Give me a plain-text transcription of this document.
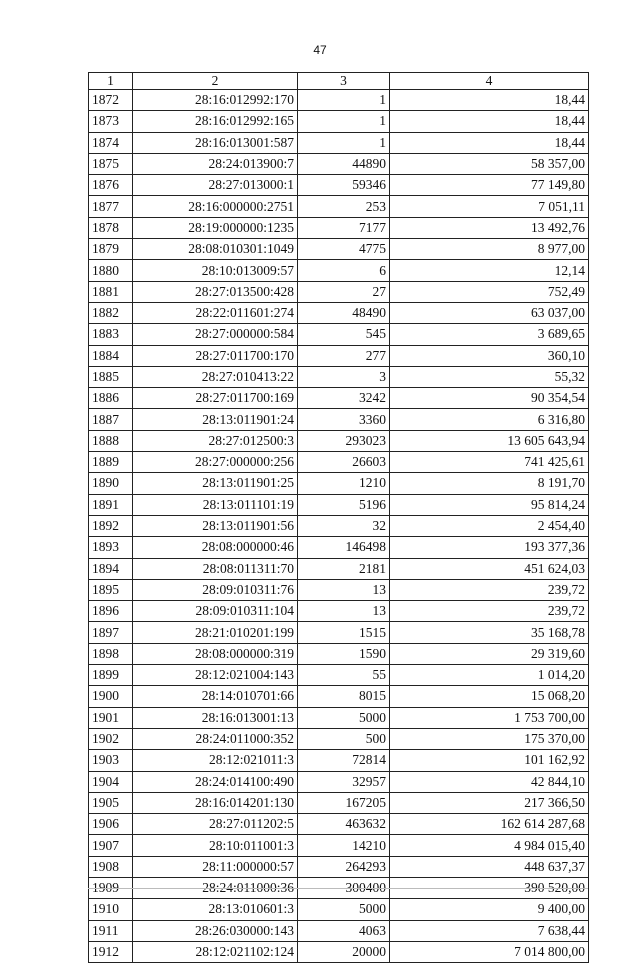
47
1	2	3	4
1872	28:16:012992:170	1	18,44
1873	28:16:012992:165	1	18,44
1874	28:16:013001:587	1	18,44
1875	28:24:013900:7	44890	58 357,00
1876	28:27:013000:1	59346	77 149,80
1877	28:16:000000:2751	253	7 051,11
1878	28:19:000000:1235	7177	13 492,76
1879	28:08:010301:1049	4775	8 977,00
1880	28:10:013009:57	6	12,14
1881	28:27:013500:428	27	752,49
1882	28:22:011601:274	48490	63 037,00
1883	28:27:000000:584	545	3 689,65
1884	28:27:011700:170	277	360,10
1885	28:27:010413:22	3	55,32
1886	28:27:011700:169	3242	90 354,54
1887	28:13:011901:24	3360	6 316,80
1888	28:27:012500:3	293023	13 605 643,94
1889	28:27:000000:256	26603	741 425,61
1890	28:13:011901:25	1210	8 191,70
1891	28:13:011101:19	5196	95 814,24
1892	28:13:011901:56	32	2 454,40
1893	28:08:000000:46	146498	193 377,36
1894	28:08:011311:70	2181	451 624,03
1895	28:09:010311:76	13	239,72
1896	28:09:010311:104	13	239,72
1897	28:21:010201:199	1515	35 168,78
1898	28:08:000000:319	1590	29 319,60
1899	28:12:021004:143	55	1 014,20
1900	28:14:010701:66	8015	15 068,20
1901	28:16:013001:13	5000	1 753 700,00
1902	28:24:011000:352	500	175 370,00
1903	28:12:021011:3	72814	101 162,92
1904	28:24:014100:490	32957	42 844,10
1905	28:16:014201:130	167205	217 366,50
1906	28:27:011202:5	463632	162 614 287,68
1907	28:10:011001:3	14210	4 984 015,40
1908	28:11:000000:57	264293	448 637,37
1909	28:24:011000:36	300400	390 520,00
1910	28:13:010601:3	5000	9 400,00
1911	28:26:030000:143	4063	7 638,44
1912	28:12:021102:124	20000	7 014 800,00
